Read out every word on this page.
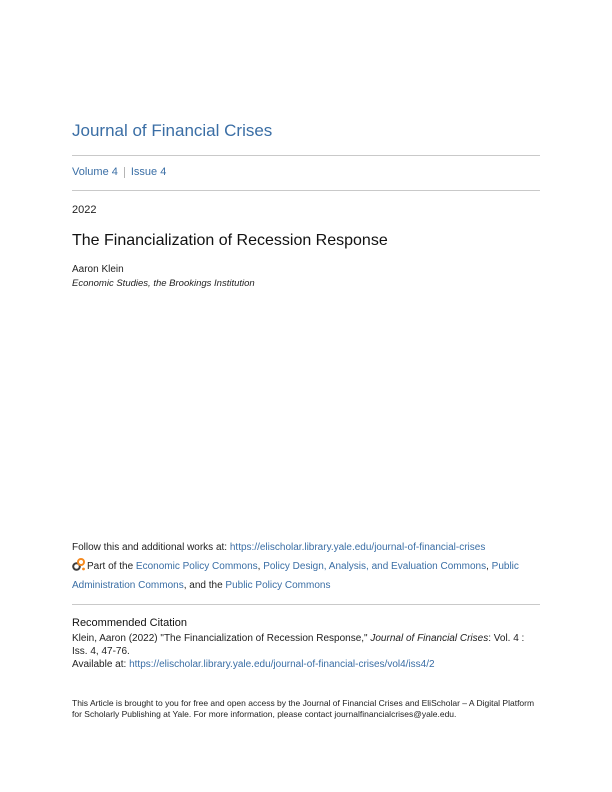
Journal of Financial Crises
Volume 4 Issue 4
2022
The Financialization of Recession Response
Aaron Klein
Economic Studies, the Brookings Institution
Follow this and additional works at: https://elischolar.library.yale.edu/journal-of-financial-crises
Part of the Economic Policy Commons, Policy Design, Analysis, and Evaluation Commons, Public Administration Commons, and the Public Policy Commons
Recommended Citation
Klein, Aaron (2022) "The Financialization of Recession Response," Journal of Financial Crises: Vol. 4 : Iss. 4, 47-76.
Available at: https://elischolar.library.yale.edu/journal-of-financial-crises/vol4/iss4/2
This Article is brought to you for free and open access by the Journal of Financial Crises and EliScholar – A Digital Platform for Scholarly Publishing at Yale. For more information, please contact journalfinancialcrises@yale.edu.
